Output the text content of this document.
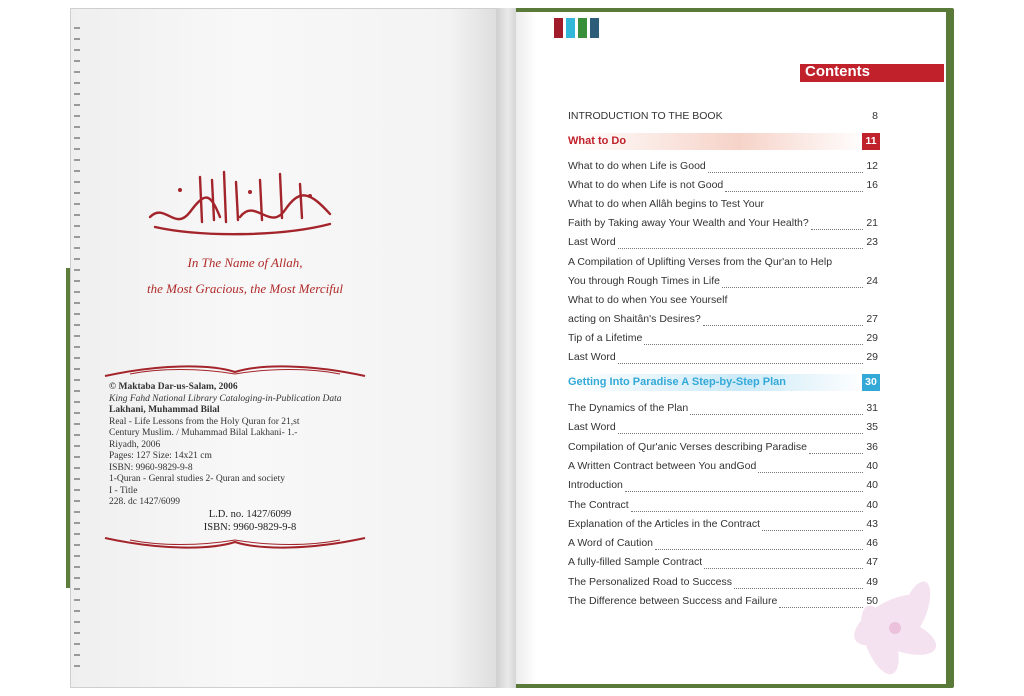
In The Name of Allah,
the Most Gracious, the Most Merciful
© Maktaba Dar-us-Salam, 2006
King Fahd National Library Cataloging-in-Publication Data
Lakhani, Muhammad Bilal
Real - Life Lessons from the Holy Quran for 21,st
Century Muslim. / Muhammad Bilal Lakhani- 1.-
Riyadh, 2006
Pages: 127 Size: 14x21 cm
ISBN: 9960-9829-9-8
1-Quran - Genral studies 2- Quran and society
I - Title
228. dc 1427/6099
L.D. no. 1427/6099
ISBN: 9960-9829-9-8
Contents
INTRODUCTION TO THE BOOK	8
What to Do	11
What to do when Life is Good	12
What to do when Life is not Good	16
What to do when Allâh begins to Test Your
Faith by Taking away Your Wealth and Your Health?	21
Last Word	23
A Compilation of Uplifting Verses from the Qur'an to Help
You through Rough Times in Life	24
What to do when You see Yourself
acting on Shaitân's Desires?	27
Tip of a Lifetime	29
Last Word	29
Getting Into Paradise A Step-by-Step Plan	30
The Dynamics of the Plan	31
Last Word	35
Compilation of Qur'anic Verses describing Paradise	36
A Written Contract between You andGod	40
Introduction	40
The Contract	40
Explanation of the Articles in the Contract	43
A Word of Caution	46
A fully-filled Sample Contract	47
The Personalized Road to Success	49
The Difference between Success and Failure	50
